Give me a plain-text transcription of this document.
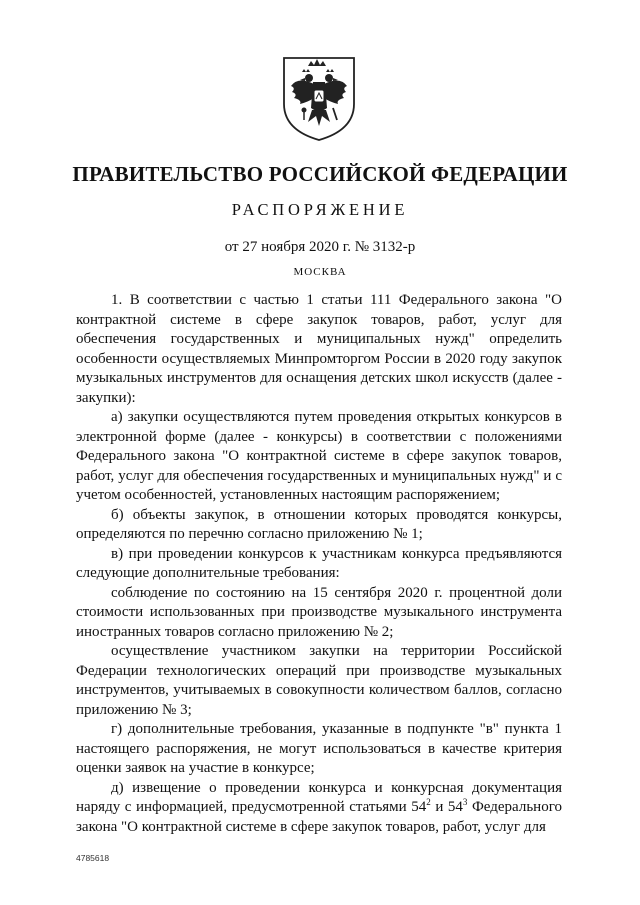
ПРАВИТЕЛЬСТВО РОССИЙСКОЙ ФЕДЕРАЦИИ
РАСПОРЯЖЕНИЕ
от 27 ноября 2020 г. № 3132-р
МОСКВА

1. В соответствии с частью 1 статьи 111 Федерального закона "О контрактной системе в сфере закупок товаров, работ, услуг для обеспечения государственных и муниципальных нужд" определить особенности осуществляемых Минпромторгом России в 2020 году закупок музыкальных инструментов для оснащения детских школ искусств (далее - закупки):

а) закупки осуществляются путем проведения открытых конкурсов в электронной форме (далее - конкурсы) в соответствии с положениями Федерального закона "О контрактной системе в сфере закупок товаров, работ, услуг для обеспечения государственных и муниципальных нужд" и с учетом особенностей, установленных настоящим распоряжением;

б) объекты закупок, в отношении которых проводятся конкурсы, определяются по перечню согласно приложению № 1;

в) при проведении конкурсов к участникам конкурса предъявляются следующие дополнительные требования:

соблюдение по состоянию на 15 сентября 2020 г. процентной доли стоимости использованных при производстве музыкального инструмента иностранных товаров согласно приложению № 2;

осуществление участником закупки на территории Российской Федерации технологических операций при производстве музыкальных инструментов, учитываемых в совокупности количеством баллов, согласно приложению № 3;

г) дополнительные требования, указанные в подпункте "в" пункта 1 настоящего распоряжения, не могут использоваться в качестве критерия оценки заявок на участие в конкурсе;

д) извещение о проведении конкурса и конкурсная документация наряду с информацией, предусмотренной статьями $54^2$ и $54^3$ Федерального закона "О контрактной системе в сфере закупок товаров, работ, услуг для

4785618
